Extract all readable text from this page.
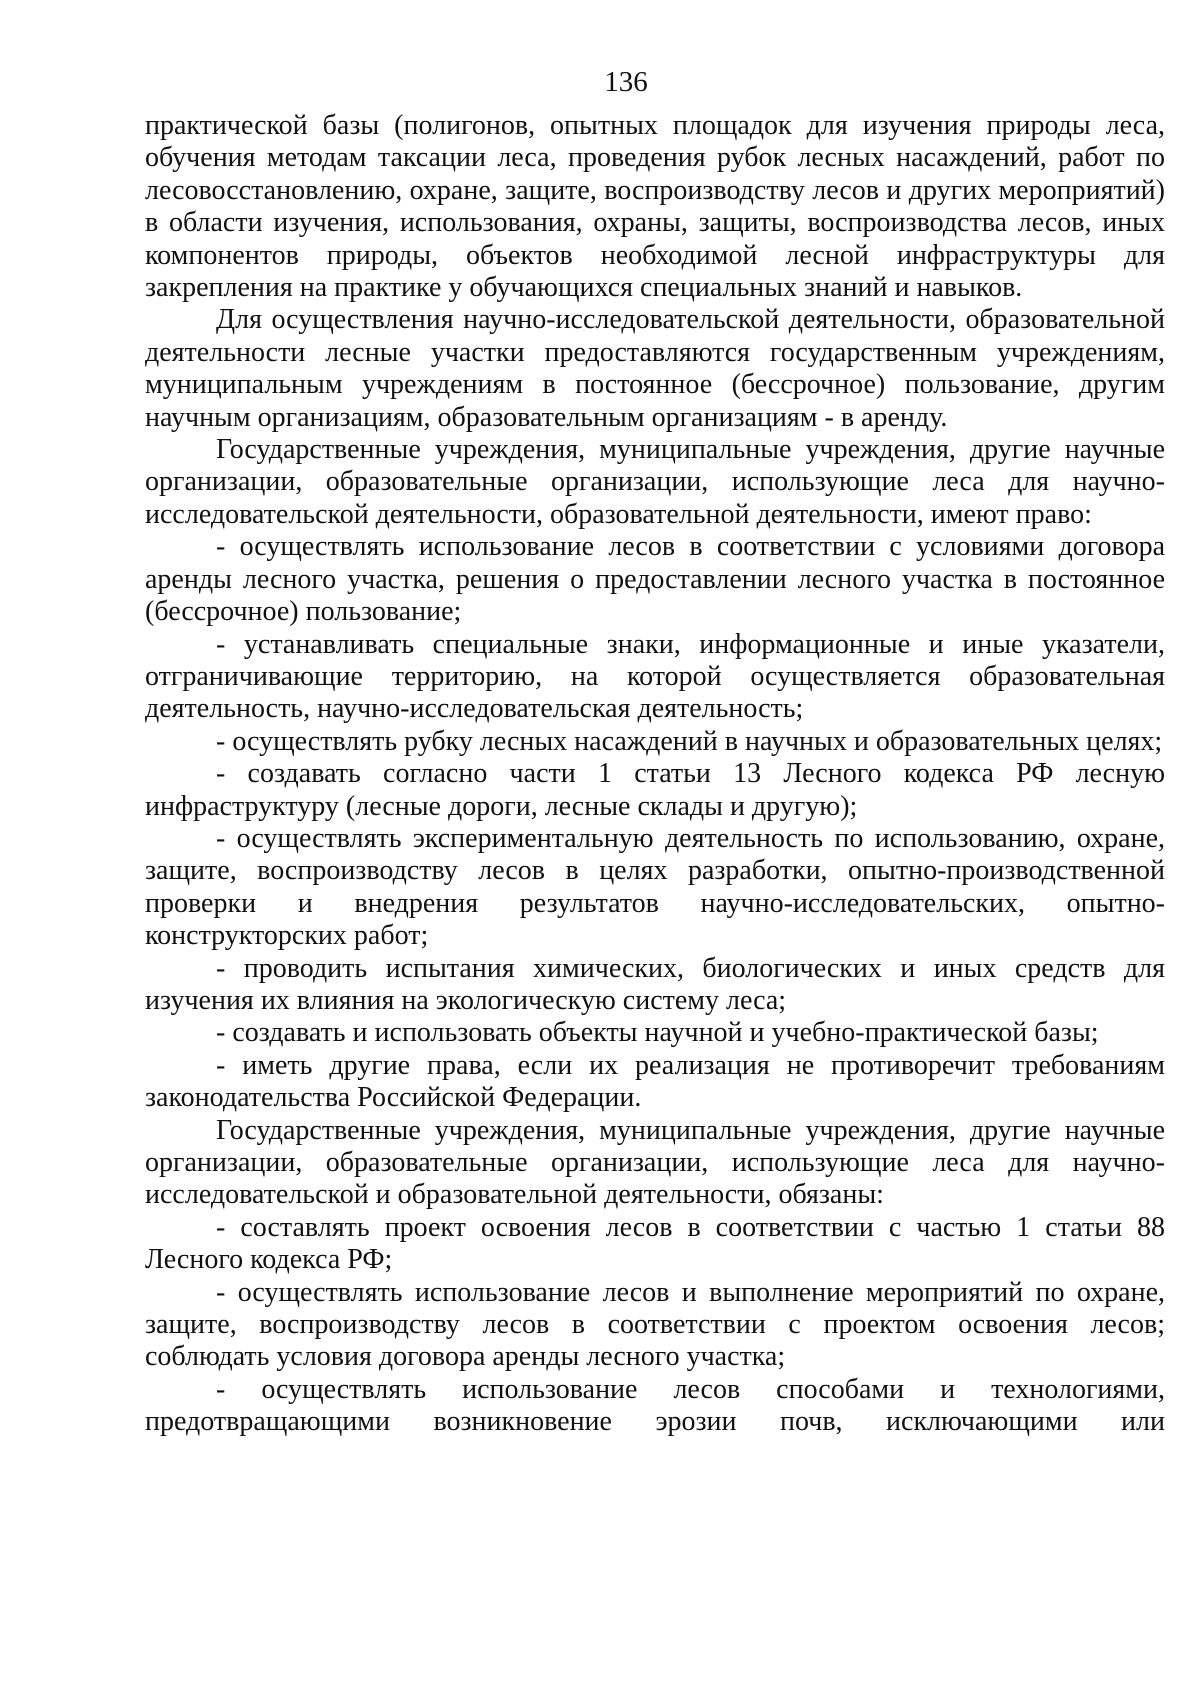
136

практической базы (полигонов, опытных площадок для изучения природы леса, обучения методам таксации леса, проведения рубок лесных насаждений, работ по лесовосстановлению, охране, защите, воспроизводству лесов и других мероприятий) в области изучения, использования, охраны, защиты, воспроизводства лесов, иных компонентов природы, объектов необходимой лесной инфраструктуры для закрепления на практике у обучающихся специальных знаний и навыков.

Для осуществления научно-исследовательской деятельности, образовательной деятельности лесные участки предоставляются государственным учреждениям, муниципальным учреждениям в постоянное (бессрочное) пользование, другим научным организациям, образовательным организациям - в аренду.

Государственные учреждения, муниципальные учреждения, другие научные организации, образовательные организации, использующие леса для научно-исследовательской деятельности, образовательной деятельности, имеют право:

- осуществлять использование лесов в соответствии с условиями договора аренды лесного участка, решения о предоставлении лесного участка в постоянное (бессрочное) пользование;

- устанавливать специальные знаки, информационные и иные указатели, отграничивающие территорию, на которой осуществляется образовательная деятельность, научно-исследовательская деятельность;

- осуществлять рубку лесных насаждений в научных и образовательных целях;

- создавать согласно части 1 статьи 13 Лесного кодекса РФ лесную инфраструктуру (лесные дороги, лесные склады и другую);

- осуществлять экспериментальную деятельность по использованию, охране, защите, воспроизводству лесов в целях разработки, опытно-производственной проверки и внедрения результатов научно-исследовательских, опытно-конструкторских работ;

- проводить испытания химических, биологических и иных средств для изучения их влияния на экологическую систему леса;

- создавать и использовать объекты научной и учебно-практической базы;

- иметь другие права, если их реализация не противоречит требованиям законодательства Российской Федерации.

Государственные учреждения, муниципальные учреждения, другие научные организации, образовательные организации, использующие леса для научно-исследовательской и образовательной деятельности, обязаны:

- составлять проект освоения лесов в соответствии с частью 1 статьи 88 Лесного кодекса РФ;

- осуществлять использование лесов и выполнение мероприятий по охране, защите, воспроизводству лесов в соответствии с проектом освоения лесов; соблюдать условия договора аренды лесного участка;

- осуществлять использование лесов способами и технологиями, предотвращающими возникновение эрозии почв, исключающими или
